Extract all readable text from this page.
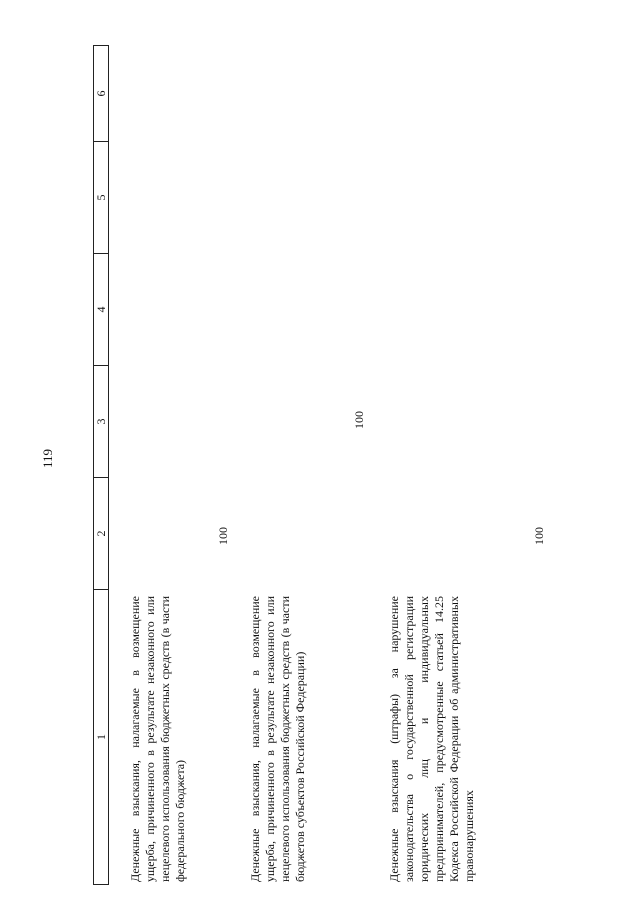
119
1
2
3
4
5
6
Денежные взыскания, налагаемые в возмещение ущерба, причиненного в результате незаконного или нецелевого использования бюджетных средств (в части федерального бюджета)
100
Денежные взыскания, налагаемые в возмещение ущерба, причиненного в результате незаконного или нецелевого использования бюджетных средств (в части бюджетов субъектов Российской Федерации)
100
Денежные взыскания (штрафы) за нарушение законодательства о государственной регистрации юридических лиц и индивидуальных предпринимателей, предусмотренные статьей 14.25 Кодекса Российской Федерации об административных правонарушениях
100
